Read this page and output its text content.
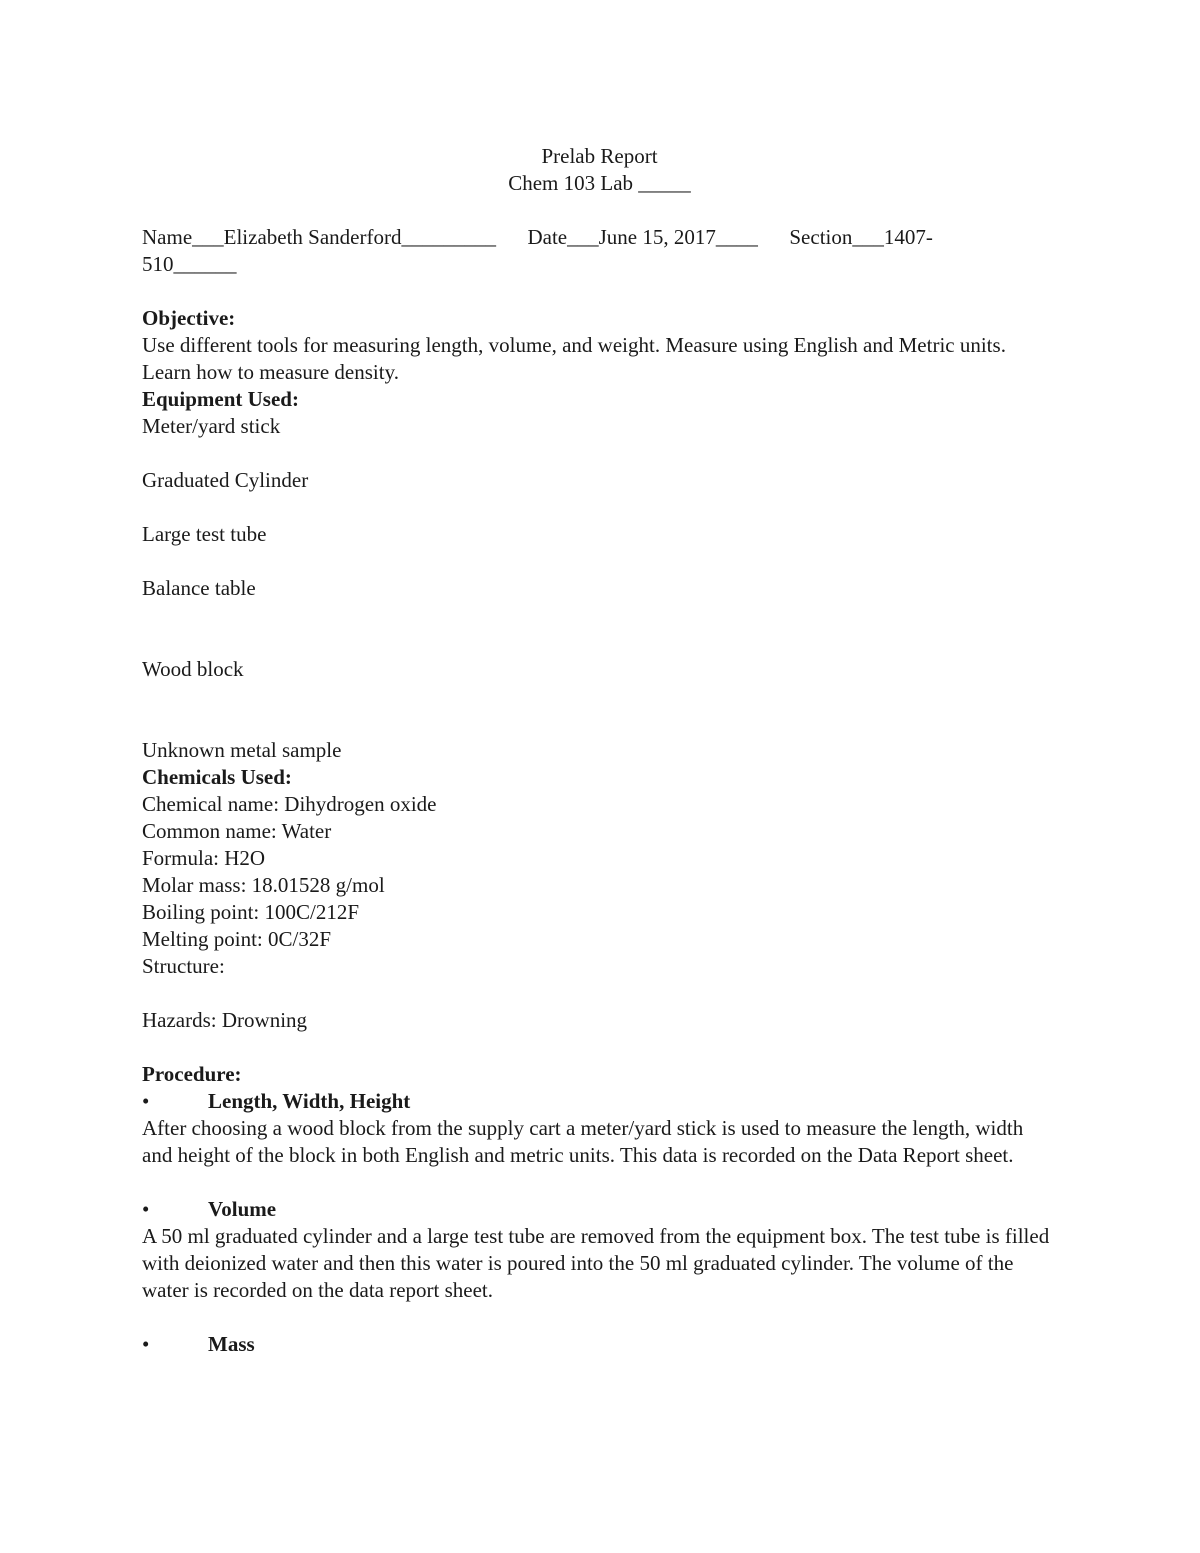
Prelab Report

Chem 103 Lab _____

Name___Elizabeth Sanderford_________      Date___June 15, 2017____      Section___1407-

510______

Objective:

Use different tools for measuring length, volume, and weight. Measure using English and Metric units. Learn how to measure density.

Equipment Used:

Meter/yard stick

Graduated Cylinder

Large test tube

Balance table

Wood block

Unknown metal sample

Chemicals Used:

Chemical name: Dihydrogen oxide

Common name: Water

Formula: H2O

Molar mass: 18.01528 g/mol

Boiling point: 100C/212F

Melting point: 0C/32F

Structure:

Hazards: Drowning

Procedure:

•	Length, Width, Height

After choosing a wood block from the supply cart a meter/yard stick is used to measure the length, width and height of the block in both English and metric units. This data is recorded on the Data Report sheet.

•	Volume

A 50 ml graduated cylinder and a large test tube are removed from the equipment box. The test tube is filled with deionized water and then this water is poured into the 50 ml graduated cylinder. The volume of the water is recorded on the data report sheet.

•	Mass
